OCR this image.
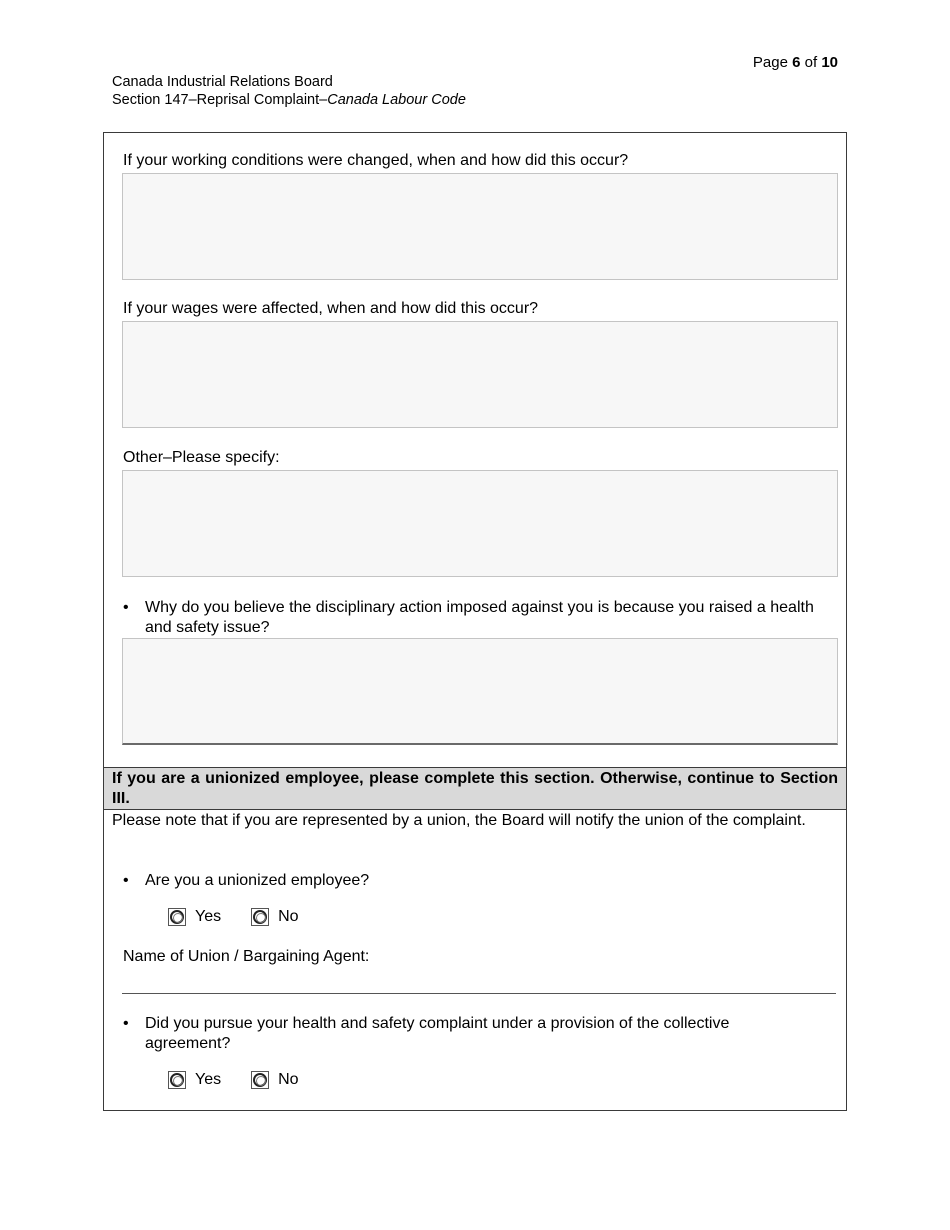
Page 6 of 10
Canada Industrial Relations Board
Section 147–Reprisal Complaint–Canada Labour Code
If your working conditions were changed, when and how did this occur?
If your wages were affected, when and how did this occur?
Other–Please specify:
•	Why do you believe the disciplinary action imposed against you is because you raised a health and safety issue?
If you are a unionized employee, please complete this section. Otherwise, continue to Section III.
Please note that if you are represented by a union, the Board will notify the union of the complaint.
•	Are you a unionized employee?
Yes	No
Name of Union / Bargaining Agent:
•	Did you pursue your health and safety complaint under a provision of the collective agreement?
Yes	No
